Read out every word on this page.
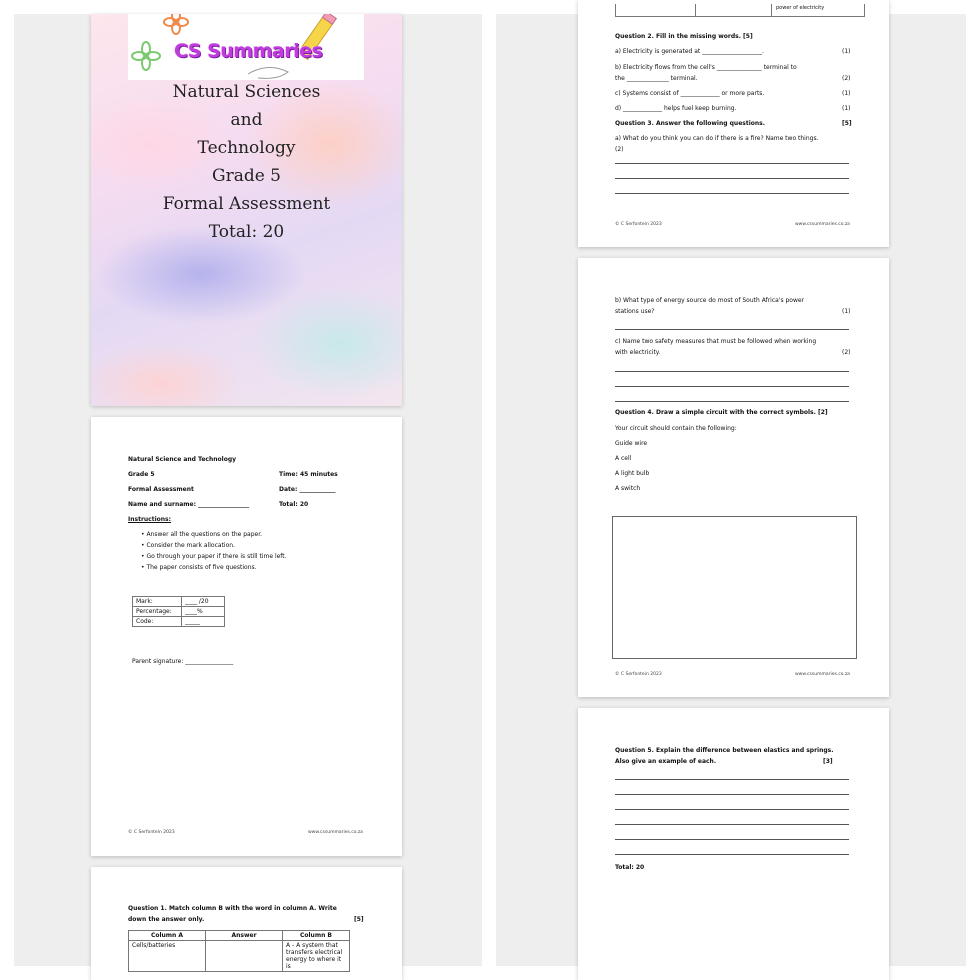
CS Summaries
Natural Sciences
and
Technology
Grade 5
Formal Assessment
Total: 20
Natural Science and Technology
Grade 5	Time: 45 minutes
Formal Assessment	Date: ____________
Name and surname: _________________	Total: 20
Instructions:
• Answer all the questions on the paper.
• Consider the mark allocation.
• Go through your paper if there is still time left.
• The paper consists of five questions.
Mark:	____ /20
Percentage:	____%
Code:	_____
Parent signature: ________________
© C Serfontein 2023	www.cssummaries.co.za
Question 1. Match column B with the word in column A. Write
down the answer only.	[5]
Column A	Answer	Column B
Cells/batteries		A - A system that
transfers electrical
energy to where it is
power of electricity
Question 2. Fill in the missing words. [5]
a) Electricity is generated at ____________________.	(1)
b) Electricity flows from the cell's _______________ terminal to
the ______________ terminal.	(2)
c) Systems consist of _____________ or more parts.	(1)
d) _____________ helps fuel keep burning.	(1)
Question 3. Answer the following questions.	[5]
a) What do you think you can do if there is a fire? Name two things.
(2)
© C Serfontein 2023	www.cssummaries.co.za
b) What type of energy source do most of South Africa's power
stations use?	(1)
c) Name two safety measures that must be followed when working
with electricity.	(2)
Question 4. Draw a simple circuit with the correct symbols. [2]
Your circuit should contain the following:
Guide wire
A cell
A light bulb
A switch
© C Serfontein 2023	www.cssummaries.co.za
Question 5. Explain the difference between elastics and springs.
Also give an example of each.	[3]
Total: 20
